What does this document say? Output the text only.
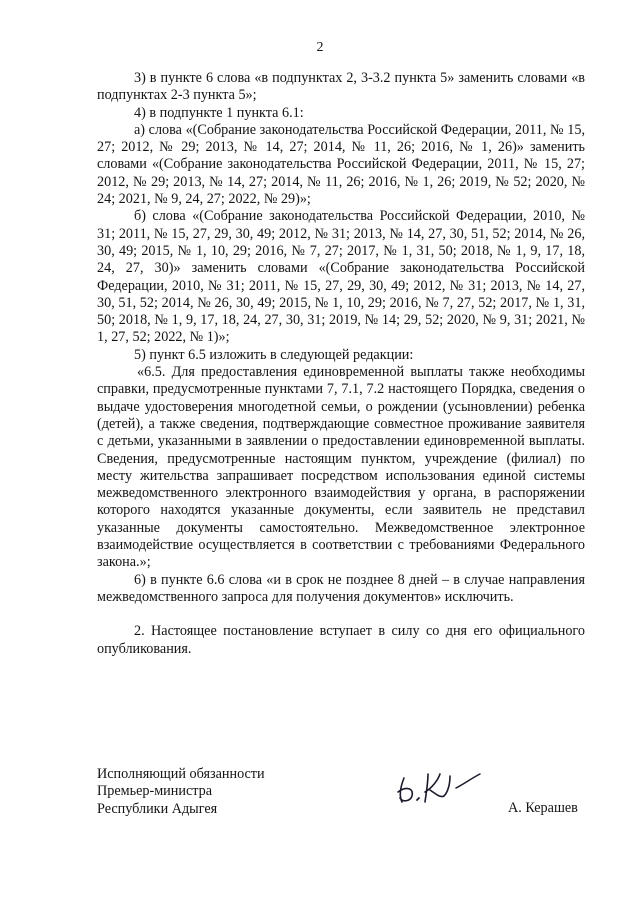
2

3) в пункте 6 слова «в подпунктах 2, 3-3.2 пункта 5» заменить словами «в подпунктах 2-3 пункта 5»;

4) в подпункте 1 пункта 6.1:

а) слова «(Собрание законодательства Российской Федерации, 2011, № 15, 27; 2012, № 29; 2013, № 14, 27; 2014, № 11, 26; 2016, № 1, 26)» заменить словами «(Собрание законодательства Российской Федерации, 2011, № 15, 27; 2012, № 29; 2013, № 14, 27; 2014, № 11, 26; 2016, № 1, 26; 2019, № 52; 2020, № 24; 2021, № 9, 24, 27; 2022, № 29)»;

б) слова «(Собрание законодательства Российской Федерации, 2010, № 31; 2011, № 15, 27, 29, 30, 49; 2012, № 31; 2013, № 14, 27, 30, 51, 52; 2014, № 26, 30, 49; 2015, № 1, 10, 29; 2016, № 7, 27; 2017, № 1, 31, 50; 2018, № 1, 9, 17, 18, 24, 27, 30)» заменить словами «(Собрание законодательства Российской Федерации, 2010, № 31; 2011, № 15, 27, 29, 30, 49; 2012, № 31; 2013, № 14, 27, 30, 51, 52; 2014, № 26, 30, 49; 2015, № 1, 10, 29; 2016, № 7, 27, 52; 2017, № 1, 31, 50; 2018, № 1, 9, 17, 18, 24, 27, 30, 31; 2019, № 14; 29, 52; 2020, № 9, 31; 2021, № 1, 27, 52; 2022, № 1)»;

5) пункт 6.5 изложить в следующей редакции:

«6.5. Для предоставления единовременной выплаты также необходимы справки, предусмотренные пунктами 7, 7.1, 7.2 настоящего Порядка, сведения о выдаче удостоверения многодетной семьи, о рождении (усыновлении) ребенка (детей), а также сведения, подтверждающие совместное проживание заявителя с детьми, указанными в заявлении о предоставлении единовременной выплаты. Сведения, предусмотренные настоящим пунктом, учреждение (филиал) по месту жительства запрашивает посредством использования единой системы межведомственного электронного взаимодействия у органа, в распоряжении которого находятся указанные документы, если заявитель не представил указанные документы самостоятельно. Межведомственное электронное взаимодействие осуществляется в соответствии с требованиями Федерального закона.»;

6) в пункте 6.6 слова «и в срок не позднее 8 дней – в случае направления межведомственного запроса для получения документов» исключить.

2. Настоящее постановление вступает в силу со дня его официального опубликования.

Исполняющий обязанности
Премьер-министра
Республики Адыгея	А. Керашев
